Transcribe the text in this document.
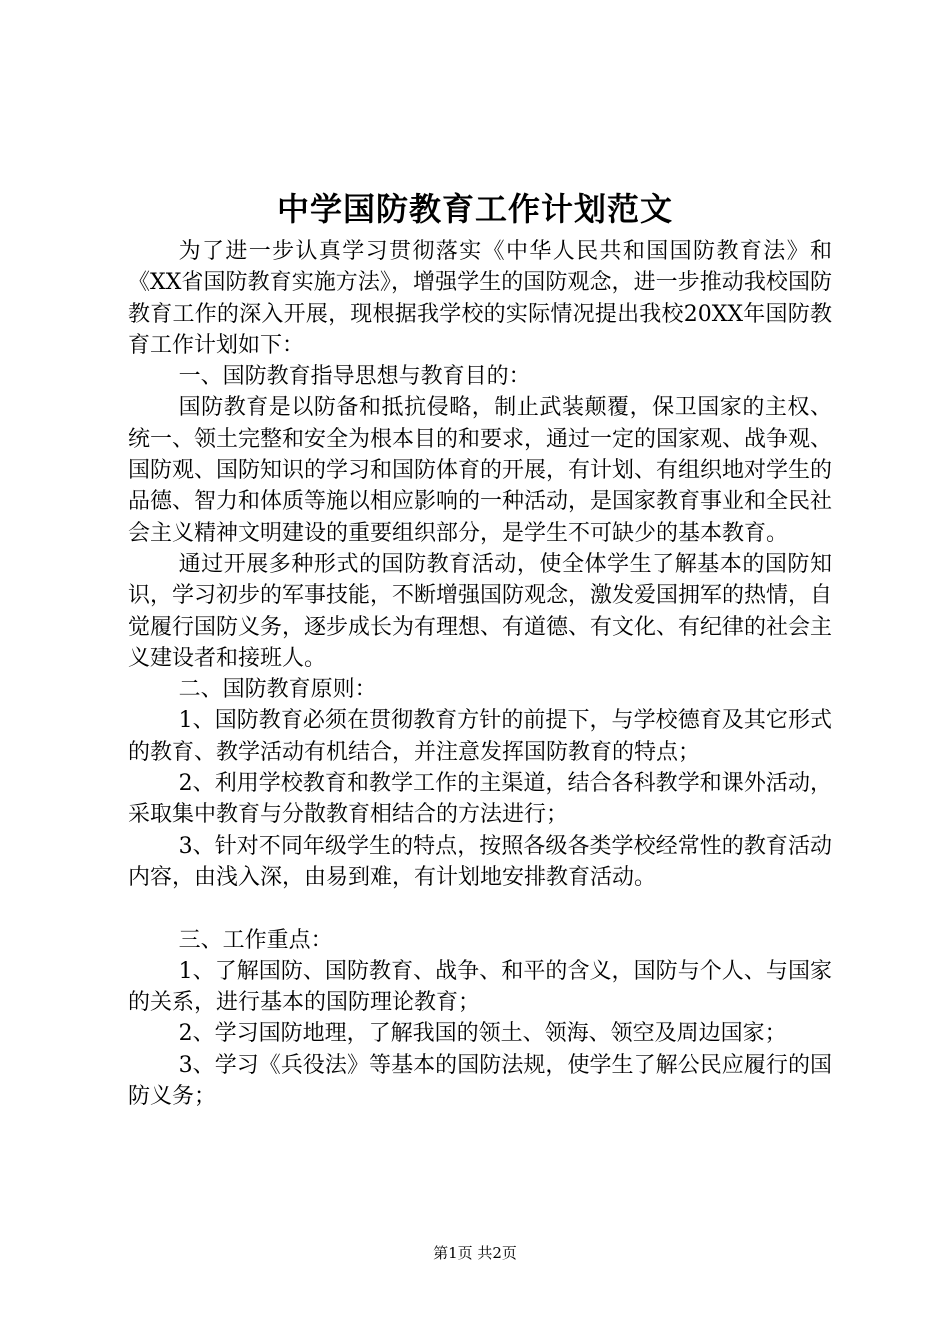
中学国防教育工作计划范文

为了进一步认真学习贯彻落实《中华人民共和国国防教育法》和《XX省国防教育实施方法》，增强学生的国防观念，进一步推动我校国防教育工作的深入开展，现根据我学校的实际情况提出我校20XX年国防教育工作计划如下：

一、国防教育指导思想与教育目的：

国防教育是以防备和抵抗侵略，制止武装颠覆，保卫国家的主权、统一、领土完整和安全为根本目的和要求，通过一定的国家观、战争观、国防观、国防知识的学习和国防体育的开展，有计划、有组织地对学生的品德、智力和体质等施以相应影响的一种活动，是国家教育事业和全民社会主义精神文明建设的重要组织部分，是学生不可缺少的基本教育。

通过开展多种形式的国防教育活动，使全体学生了解基本的国防知识，学习初步的军事技能，不断增强国防观念，激发爱国拥军的热情，自觉履行国防义务，逐步成长为有理想、有道德、有文化、有纪律的社会主义建设者和接班人。

二、国防教育原则：

1、国防教育必须在贯彻教育方针的前提下，与学校德育及其它形式的教育、教学活动有机结合，并注意发挥国防教育的特点；

2、利用学校教育和教学工作的主渠道，结合各科教学和课外活动，采取集中教育与分散教育相结合的方法进行；

3、针对不同年级学生的特点，按照各级各类学校经常性的教育活动内容，由浅入深，由易到难，有计划地安排教育活动。

三、工作重点：

1、了解国防、国防教育、战争、和平的含义，国防与个人、与国家的关系，进行基本的国防理论教育；

2、学习国防地理，了解我国的领土、领海、领空及周边国家；

3、学习《兵役法》等基本的国防法规，使学生了解公民应履行的国防义务；

第1页 共2页
